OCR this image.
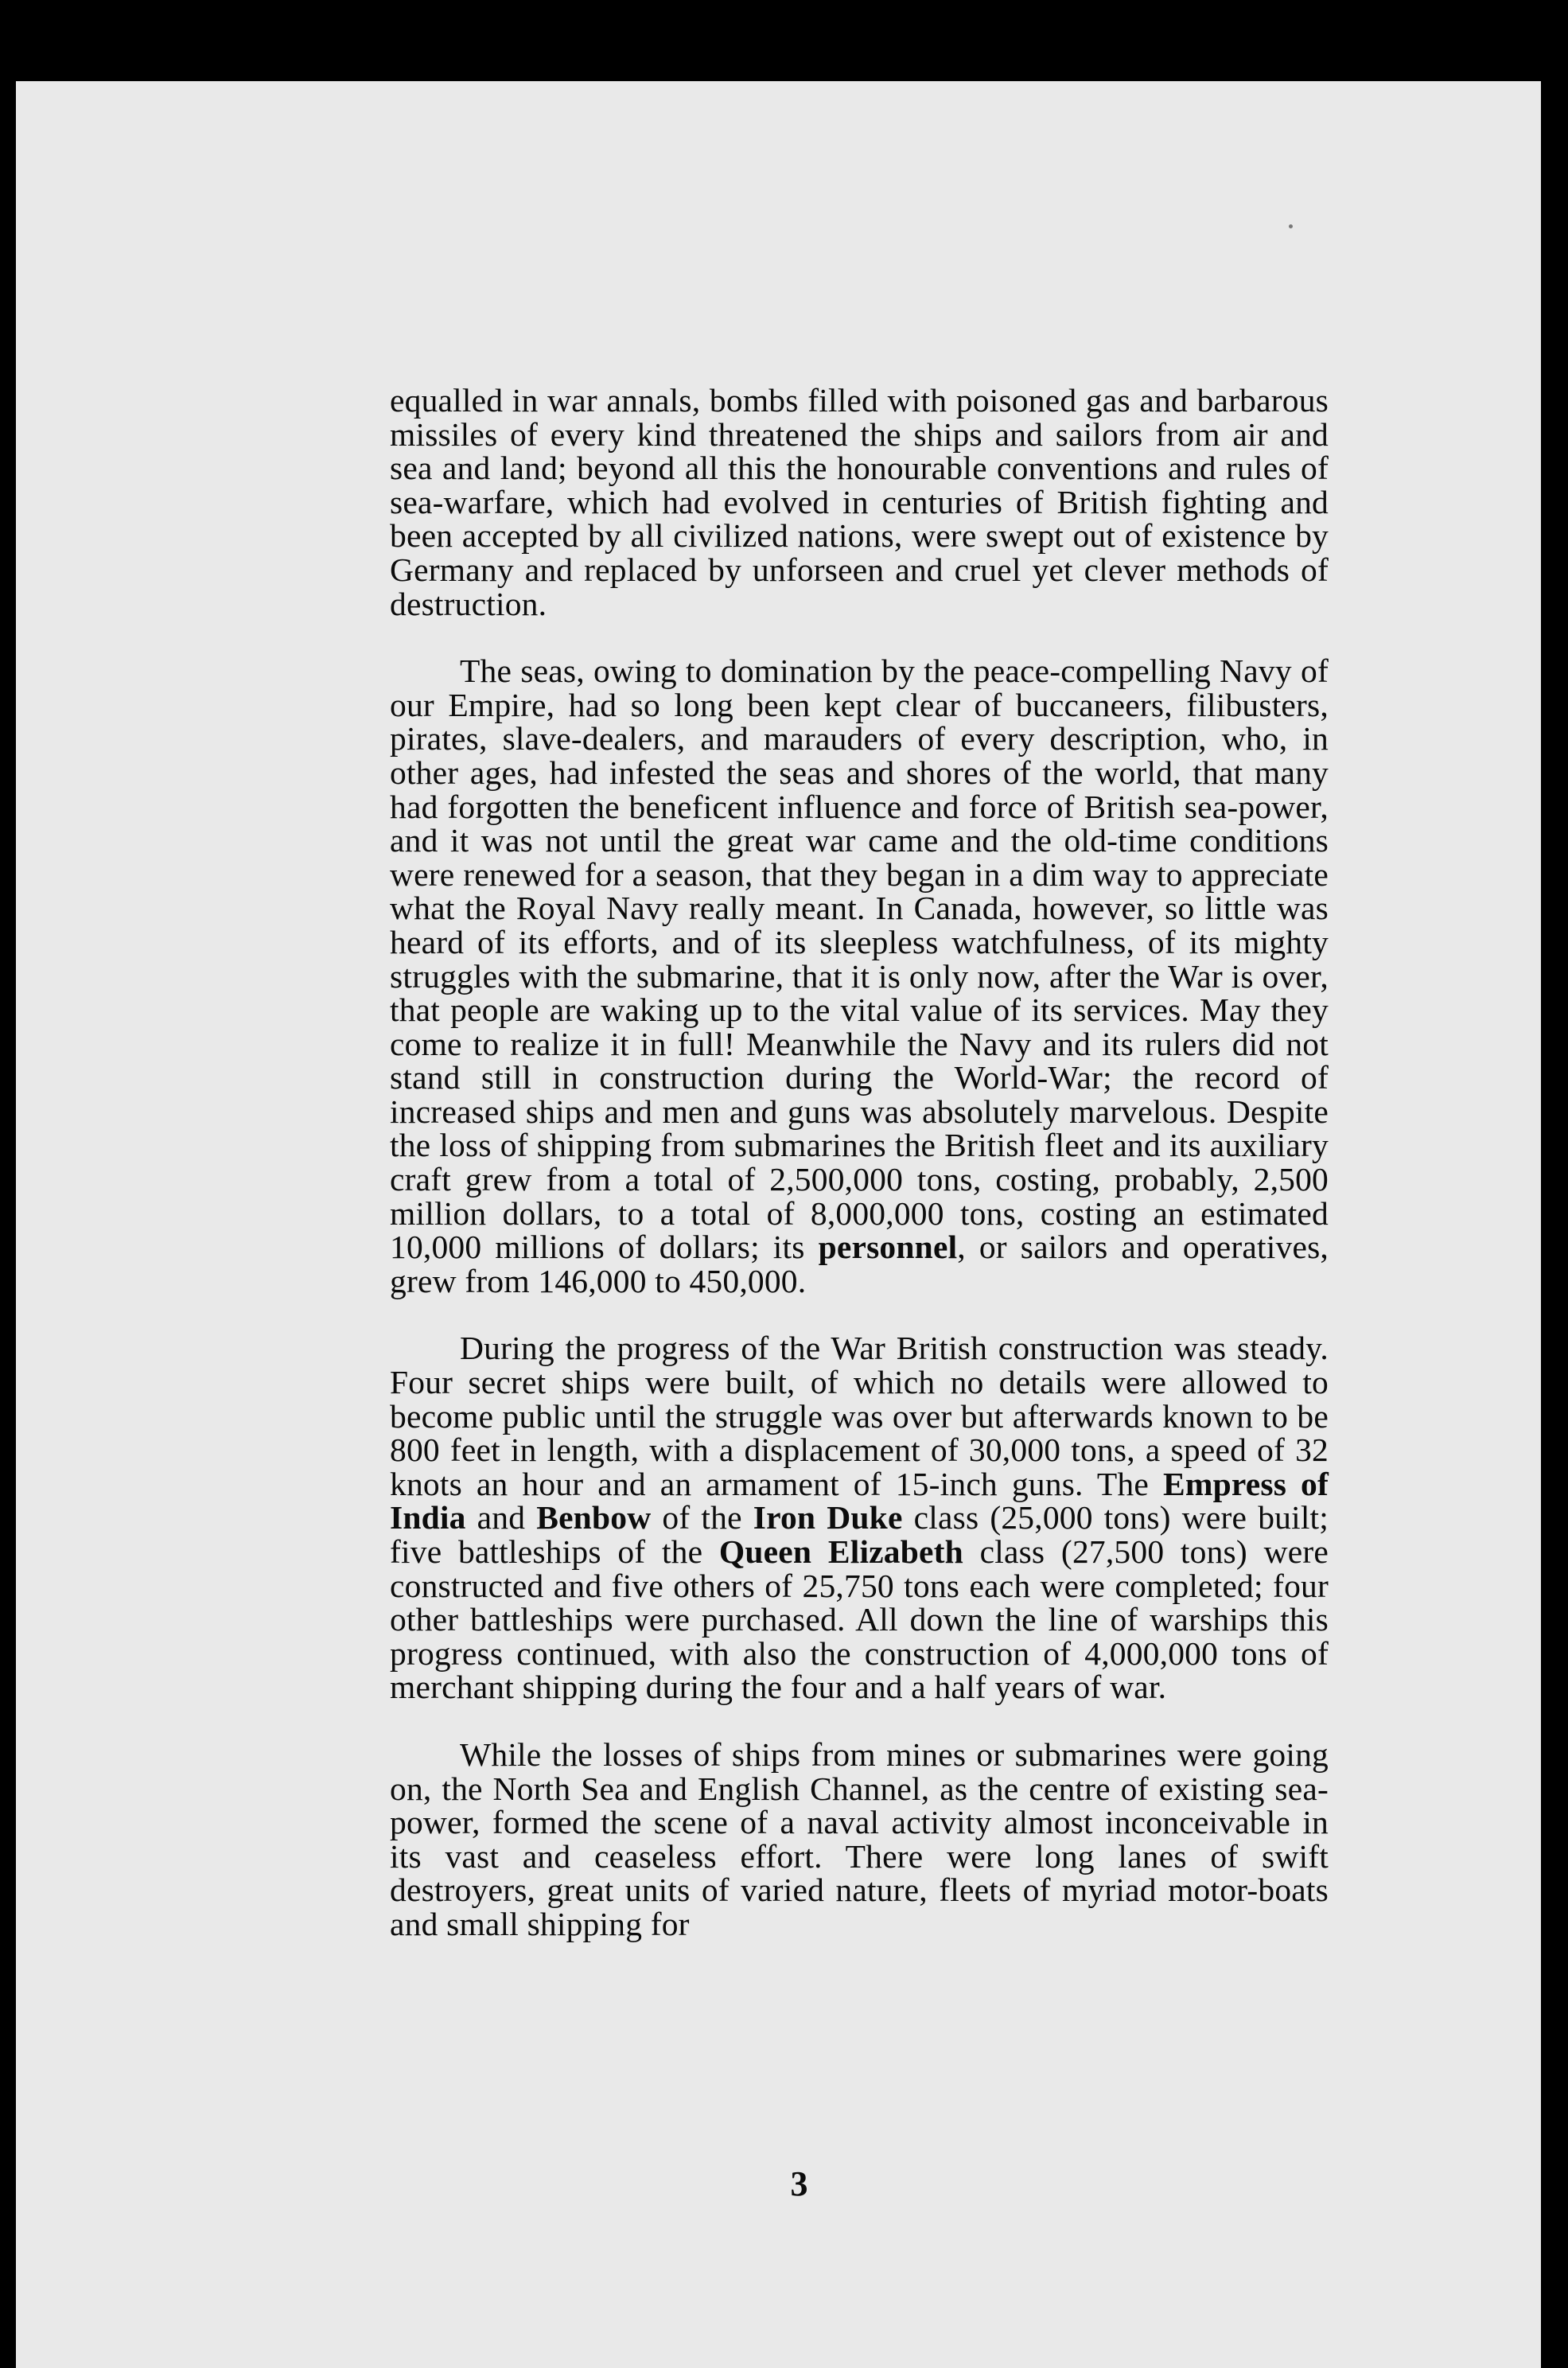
equalled in war annals, bombs filled with poisoned gas and barbarous missiles of every kind threatened the ships and sailors from air and sea and land; beyond all this the honourable conventions and rules of sea-warfare, which had evolved in centuries of British fighting and been accepted by all civilized nations, were swept out of existence by Germany and replaced by unforseen and cruel yet clever methods of destruction.

The seas, owing to domination by the peace-compelling Navy of our Empire, had so long been kept clear of buccaneers, filibusters, pirates, slave-dealers, and marauders of every description, who, in other ages, had infested the seas and shores of the world, that many had forgotten the beneficent influence and force of British sea-power, and it was not until the great war came and the old-time conditions were renewed for a season, that they began in a dim way to appreciate what the Royal Navy really meant. In Canada, however, so little was heard of its efforts, and of its sleepless watchfulness, of its mighty struggles with the submarine, that it is only now, after the War is over, that people are waking up to the vital value of its services. May they come to realize it in full! Meanwhile the Navy and its rulers did not stand still in construction during the World-War; the record of increased ships and men and guns was absolutely marvelous. Despite the loss of shipping from submarines the British fleet and its auxiliary craft grew from a total of 2,500,000 tons, costing, probably, 2,500 million dollars, to a total of 8,000,000 tons, costing an estimated 10,000 millions of dollars; its personnel, or sailors and operatives, grew from 146,000 to 450,000.

During the progress of the War British construction was steady. Four secret ships were built, of which no details were allowed to become public until the struggle was over but afterwards known to be 800 feet in length, with a displacement of 30,000 tons, a speed of 32 knots an hour and an armament of 15-inch guns. The Empress of India and Benbow of the Iron Duke class (25,000 tons) were built; five battleships of the Queen Elizabeth class (27,500 tons) were constructed and five others of 25,750 tons each were completed; four other battleships were purchased. All down the line of warships this progress continued, with also the construction of 4,000,000 tons of merchant shipping during the four and a half years of war.

While the losses of ships from mines or submarines were going on, the North Sea and English Channel, as the centre of existing sea-power, formed the scene of a naval activity almost inconceivable in its vast and ceaseless effort. There were long lanes of swift destroyers, great units of varied nature, fleets of myriad motor-boats and small shipping for

3
